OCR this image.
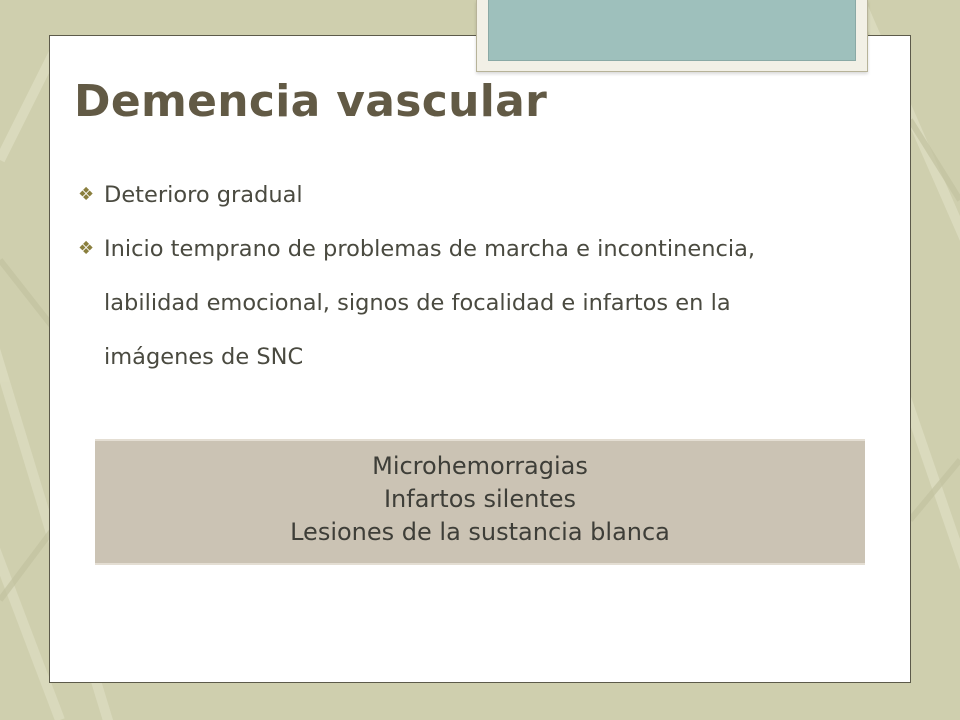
Demencia vascular
❖ Deterioro gradual
❖ Inicio temprano de problemas de marcha e incontinencia, labilidad emocional, signos de focalidad e infartos en la imágenes de SNC
Microhemorragias
Infartos silentes
Lesiones de la sustancia blanca
